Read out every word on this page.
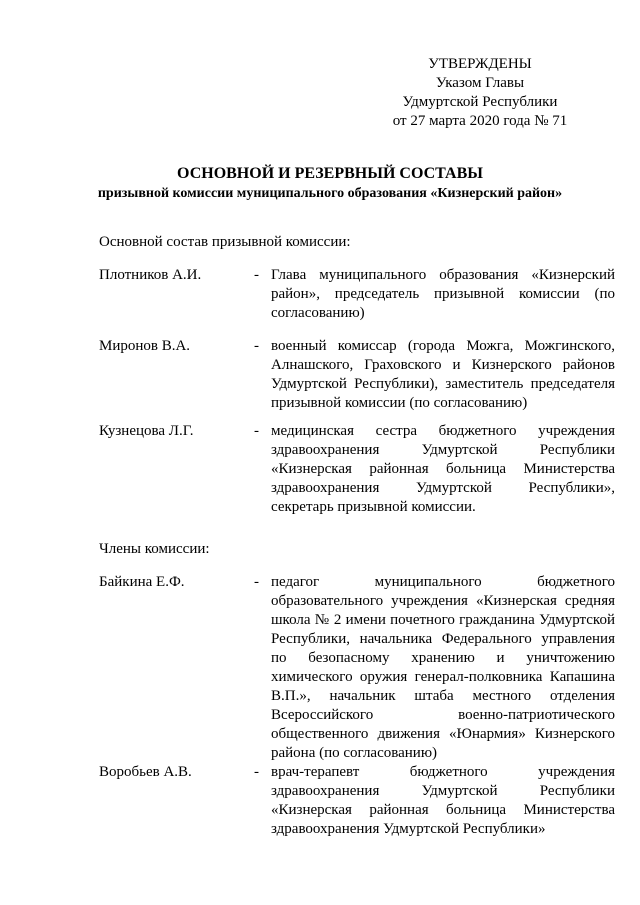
УТВЕРЖДЕНЫ
Указом Главы
Удмуртской Республики
от 27 марта 2020 года № 71
ОСНОВНОЙ И РЕЗЕРВНЫЙ СОСТАВЫ
призывной комиссии муниципального образования «Кизнерский район»
Основной состав призывной комиссии:
Плотников А.И.	- Глава муниципального образования «Кизнерский район», председатель призывной комиссии (по согласованию)
Миронов В.А.	- военный комиссар (города Можга, Можгинского, Алнашского, Граховского и Кизнерского районов Удмуртской Республики), заместитель председателя призывной комиссии (по согласованию)
Кузнецова Л.Г.	- медицинская сестра бюджетного учреждения здравоохранения Удмуртской Республики «Кизнерская районная больница Министерства здравоохранения Удмуртской Республики», секретарь призывной комиссии.
Члены комиссии:
Байкина Е.Ф.	- педагог муниципального бюджетного образовательного учреждения «Кизнерская средняя школа № 2 имени почетного гражданина Удмуртской Республики, начальника Федерального управления по безопасному хранению и уничтожению химического оружия генерал-полковника Капашина В.П.», начальник штаба местного отделения Всероссийского военно-патриотического общественного движения «Юнармия» Кизнерского района (по согласованию)
Воробьев А.В.	- врач-терапевт бюджетного учреждения здравоохранения Удмуртской Республики «Кизнерская районная больница Министерства здравоохранения Удмуртской Республики»
